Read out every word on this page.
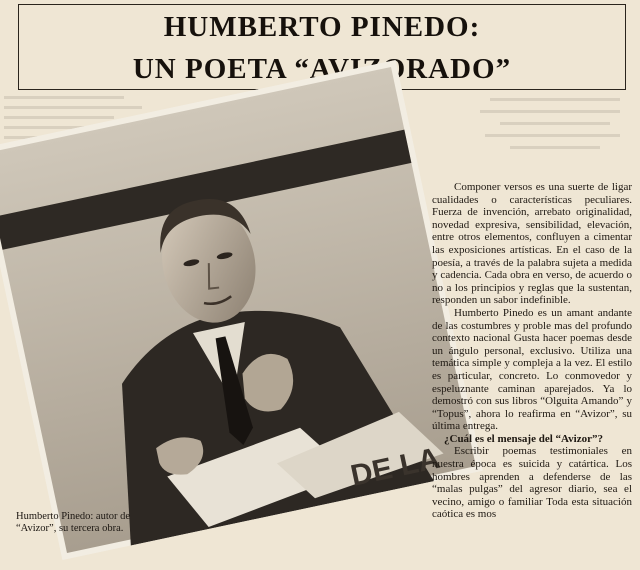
HUMBERTO PINEDO:
UN POETA “AVIZORADO”
DE LA
Humberto Pinedo: autor de “Avizor”, su tercera obra.

Componer versos es una suerte de ligar cualidades o características peculiares. Fuerza de invención, arrebato originalidad, novedad expresiva, sensibilidad, elevación, entre otros elementos, confluyen a cimentar las exposiciones artísticas. En el caso de la poesía, a través de la palabra sujeta a medida y cadencia. Cada obra en verso, de acuerdo o no a los principios y reglas que la sustentan, responden un sabor indefinible.

Humberto Pinedo es un amant andante de las costumbres y proble mas del profundo contexto nacional Gusta hacer poemas desde un ángulo personal, exclusivo. Utiliza una temática simple y compleja a la vez. El estilo es particular, concreto. Lo conmovedor y espeluznante caminan aparejados. Ya lo demostró con sus libros “Olguita Amando” y “Topus”, ahora lo reafirma en “Avizor”, su última entrega.

¿Cuál es el mensaje del “Avizor”?

Escribir poemas testimoniales en nuestra época es suicida y catártica. Los hombres aprenden a defenderse de las “malas pulgas” del agresor diario, sea el vecino, amigo o familiar Toda esta situación caótica es mos
